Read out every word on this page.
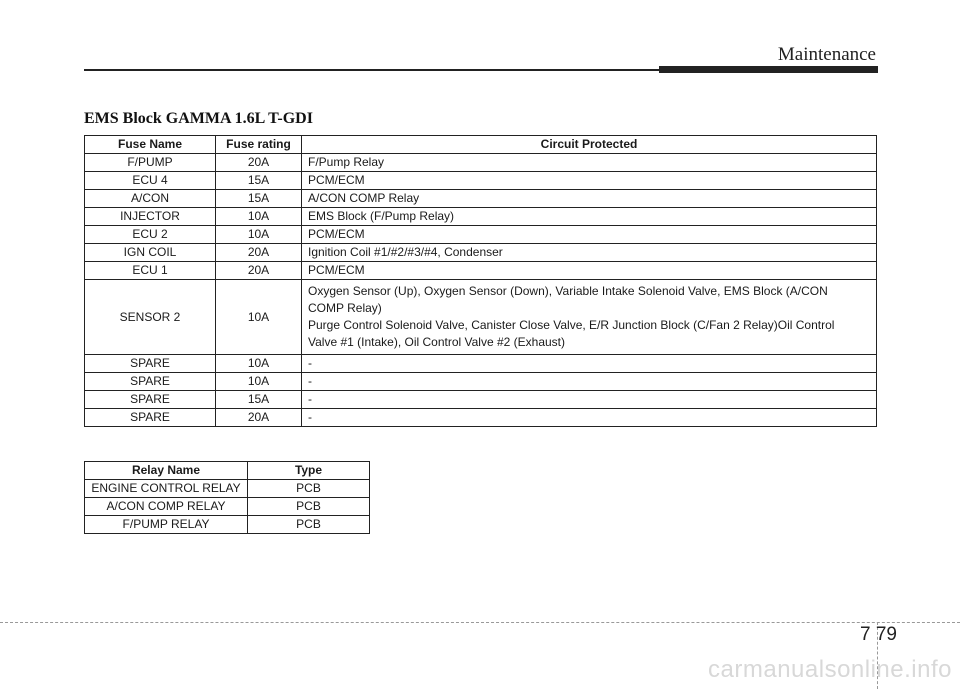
Maintenance
EMS Block GAMMA 1.6L T-GDI
Fuse Name	Fuse rating	Circuit Protected
F/PUMP	20A	F/Pump Relay
ECU 4	15A	PCM/ECM
A/CON	15A	A/CON COMP Relay
INJECTOR	10A	EMS Block (F/Pump Relay)
ECU 2	10A	PCM/ECM
IGN COIL	20A	Ignition Coil #1/#2/#3/#4, Condenser
ECU 1	20A	PCM/ECM
SENSOR 2	10A	Oxygen Sensor (Up), Oxygen Sensor (Down), Variable Intake Solenoid Valve, EMS Block (A/CON
COMP Relay)
Purge Control Solenoid Valve, Canister Close Valve, E/R Junction Block (C/Fan 2 Relay)Oil Control
Valve #1 (Intake), Oil Control Valve #2 (Exhaust)
SPARE	10A	-
SPARE	10A	-
SPARE	15A	-
SPARE	20A	-
Relay Name	Type
ENGINE CONTROL RELAY	PCB
A/CON COMP RELAY	PCB
F/PUMP RELAY	PCB
7 79
carmanualsonline.info
